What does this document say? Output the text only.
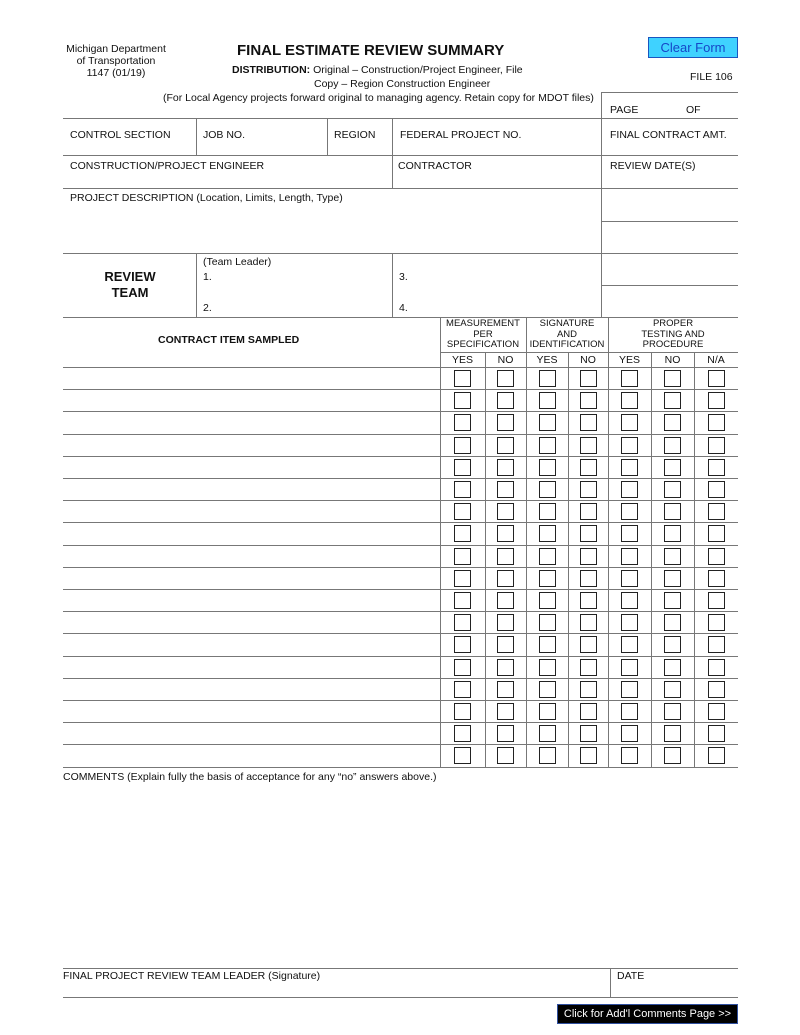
Michigan Department
of Transportation
1147 (01/19)
FINAL ESTIMATE REVIEW SUMMARY
DISTRIBUTION: Original – Construction/Project Engineer, File
Copy – Region Construction Engineer
(For Local Agency projects forward original to managing agency. Retain copy for MDOT files)
Clear Form
FILE 106
PAGE	OF
CONTROL SECTION	JOB NO.	REGION FEDERAL PROJECT NO.	FINAL CONTRACT AMT.
CONSTRUCTION/PROJECT ENGINEER	CONTRACTOR	REVIEW DATE(S)
PROJECT DESCRIPTION (Location, Limits, Length, Type)
REVIEW
TEAM
(Team Leader)
1.
2.
3.
4.
CONTRACT ITEM SAMPLED
MEASUREMENT
PER
SPECIFICATION
SIGNATURE
AND
IDENTIFICATION
PROPER
TESTING AND
PROCEDURE
YES	NO	YES	NO	YES	NO	N/A
COMMENTS (Explain fully the basis of acceptance for any “no” answers above.)
FINAL PROJECT REVIEW TEAM LEADER (Signature)	DATE
Click for Add'l Comments Page >>
